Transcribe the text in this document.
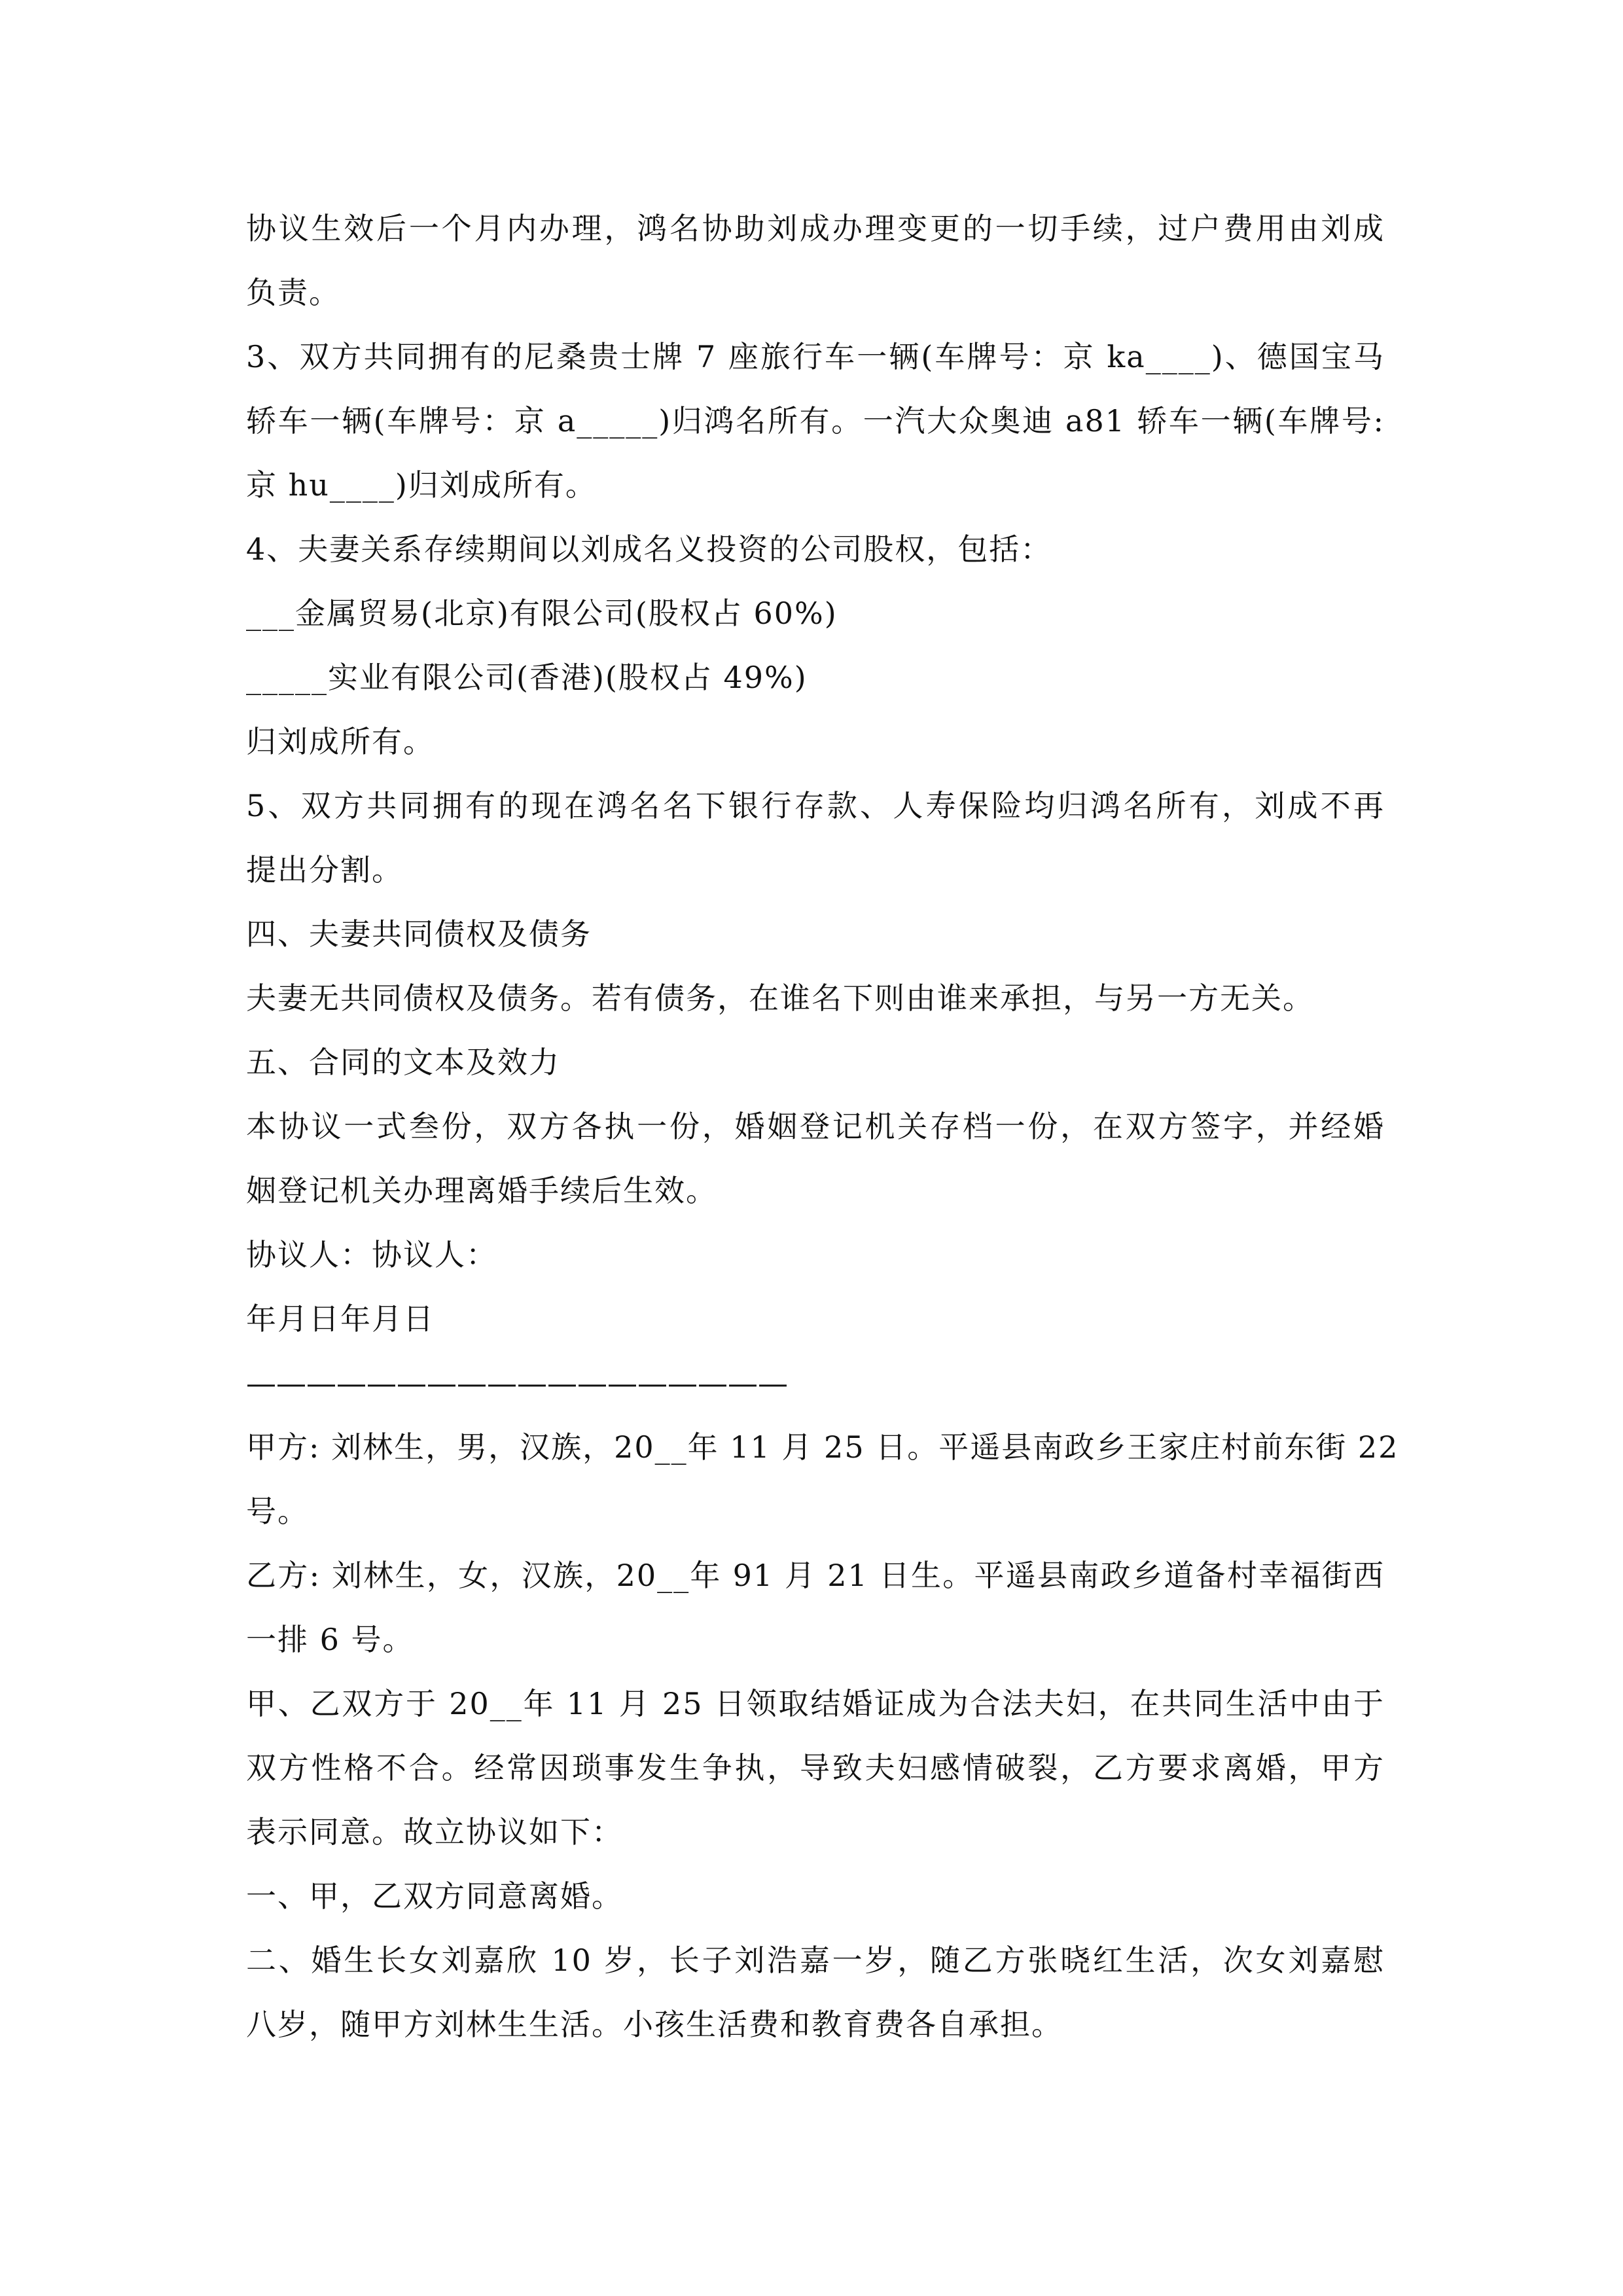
协议生效后一个月内办理，鸿名协助刘成办理变更的一切手续，过户费用由刘成
负责。
3、双方共同拥有的尼桑贵士牌 7 座旅行车一辆(车牌号：京 ka____)、德国宝马
轿车一辆(车牌号：京 a_____)归鸿名所有。一汽大众奥迪 a81 轿车一辆(车牌号:
京 hu____)归刘成所有。
4、夫妻关系存续期间以刘成名义投资的公司股权，包括：
___金属贸易(北京)有限公司(股权占 60%)
_____实业有限公司(香港)(股权占 49%)
归刘成所有。
5、双方共同拥有的现在鸿名名下银行存款、人寿保险均归鸿名所有，刘成不再
提出分割。
四、夫妻共同债权及债务
夫妻无共同债权及债务。若有债务，在谁名下则由谁来承担，与另一方无关。
五、合同的文本及效力
本协议一式叁份，双方各执一份，婚姻登记机关存档一份，在双方签字，并经婚
姻登记机关办理离婚手续后生效。
协议人：协议人：
年月日年月日
——————————————————
甲方: 刘林生，男，汉族，20__年 11 月 25 日。平遥县南政乡王家庄村前东街 22
号。
乙方: 刘林生，女，汉族，20__年 91 月 21 日生。平遥县南政乡道备村幸福街西
一排 6 号。
甲、乙双方于 20__年 11 月 25 日领取结婚证成为合法夫妇，在共同生活中由于
双方性格不合。经常因琐事发生争执，导致夫妇感情破裂，乙方要求离婚，甲方
表示同意。故立协议如下：
一、甲，乙双方同意离婚。
二、婚生长女刘嘉欣 10 岁，长子刘浩嘉一岁，随乙方张晓红生活，次女刘嘉慰
八岁，随甲方刘林生生活。小孩生活费和教育费各自承担。
